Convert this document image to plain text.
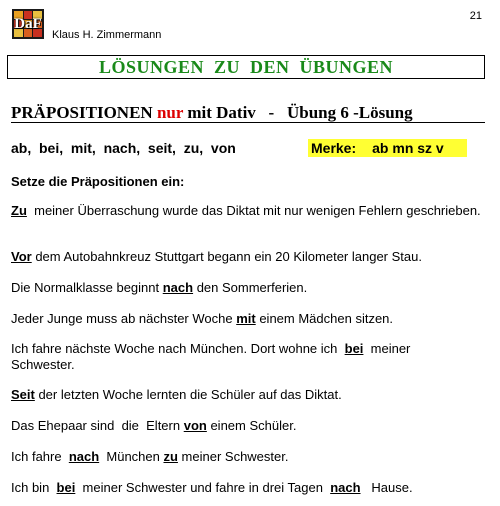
DaF
Klaus H. Zimmermann
21
LÖSUNGEN  ZU  DEN  ÜBUNGEN
PRÄPOSITIONEN nur mit Dativ   -   Übung 6 -Lösung
ab,  bei,  mit,  nach,  seit,  zu,  von	Merke: ab mn sz v
Setze die Präpositionen ein:
Zu  meiner Überraschung wurde das Diktat mit nur wenigen Fehlern geschrieben.
Vor dem Autobahnkreuz Stuttgart begann ein 20 Kilometer langer Stau.
Die Normalklasse beginnt nach den Sommerferien.
Jeder Junge muss ab nächster Woche mit einem Mädchen sitzen.
Ich fahre nächste Woche nach München. Dort wohne ich  bei  meiner Schwester.
Seit der letzten Woche lernten die Schüler auf das Diktat.
Das Ehepaar sind  die  Eltern von einem Schüler.
Ich fahre  nach  München zu meiner Schwester.
Ich bin  bei  meiner Schwester und fahre in drei Tagen  nach   Hause.
